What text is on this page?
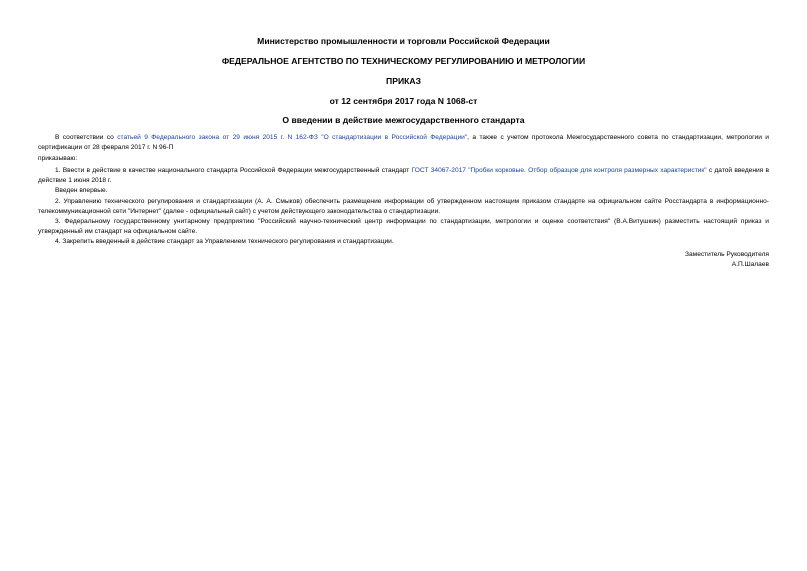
Министерство промышленности и торговли Российской Федерации
ФЕДЕРАЛЬНОЕ АГЕНТСТВО ПО ТЕХНИЧЕСКОМУ РЕГУЛИРОВАНИЮ И МЕТРОЛОГИИ
ПРИКАЗ
от 12 сентября 2017 года N 1068-ст
О введении в действие межгосударственного стандарта
В соответствии со статьей 9 Федерального закона от 29 июня 2015 г. N 162-ФЗ "О стандартизации в Российской Федерации", а также с учетом протокола Межгосударственного совета по стандартизации, метрологии и сертификации от 28 февраля 2017 г. N 96-П
приказываю:
1. Ввести в действие в качестве национального стандарта Российской Федерации межгосударственный стандарт ГОСТ 34067-2017 "Пробки корковые. Отбор образцов для контроля размерных характеристик" с датой введения в действие 1 июня 2018 г.
Введен впервые.
2. Управлению технического регулирования и стандартизации (А. А. Смыков) обеспечить размещение информации об утвержденном настоящим приказом стандарте на официальном сайте Росстандарта в информационно-телекоммуникационной сети "Интернет" (далее - официальный сайт) с учетом действующего законодательства о стандартизации.
3. Федеральному государственному унитарному предприятию "Российский научно-технический центр информации по стандартизации, метрологии и оценке соответствия" (В.А.Витушкин) разместить настоящий приказ и утвержденный им стандарт на официальном сайте.
4. Закрепить введенный в действие стандарт за Управлением технического регулирования и стандартизации.
Заместитель Руководителя
А.П.Шалаев
